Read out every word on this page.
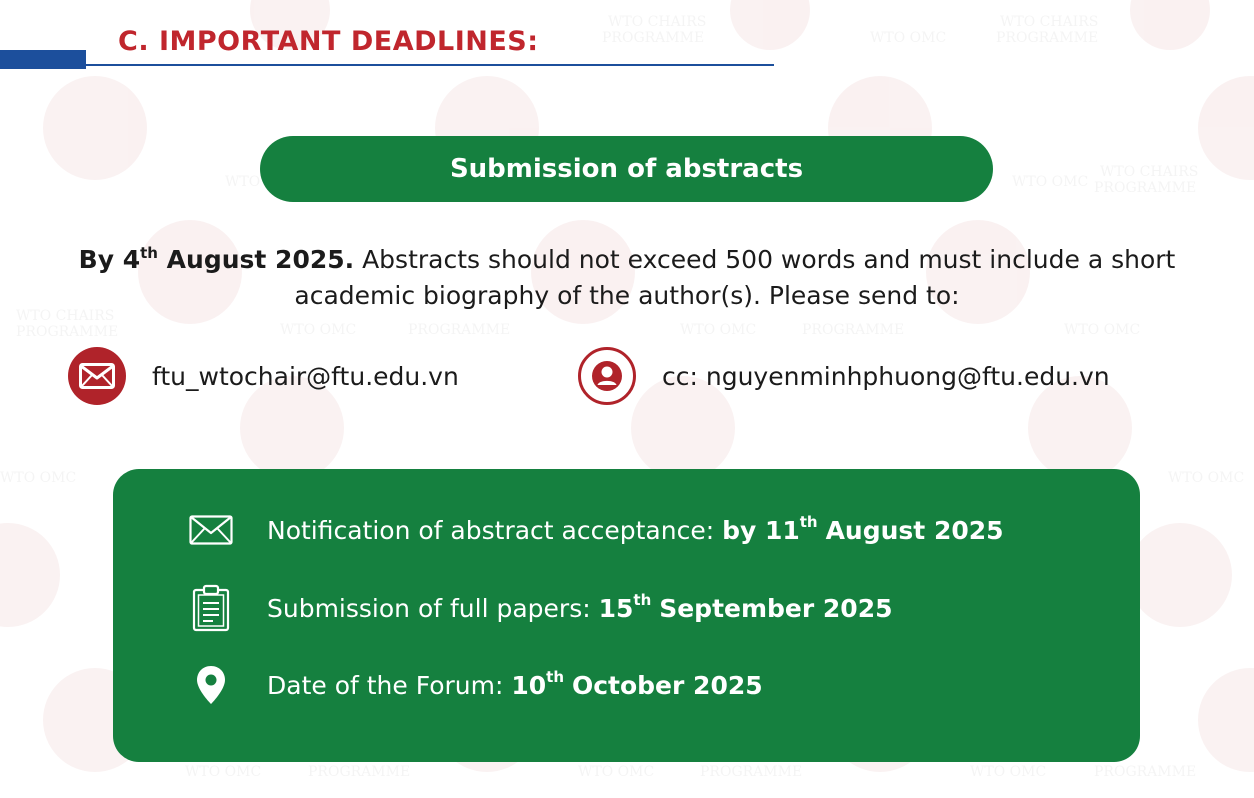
WTO CHAIRS
PROGRAMME
WTO CHAIRS
PROGRAMME
WTO OMC
WTO	WTO OMC
WTO CHAIRS
PROGRAMME
WTO CHAIRS
PROGRAMME	WTO OMC	PROGRAMME	WTO OMC	PROGRAMME	WTO OMC
WTO OMC	WTO OMC
WTO OMC	PROGRAMME	WTO OMC	PROGRAMME	WTO OMC	PROGRAMME
C. IMPORTANT DEADLINES:
Submission of abstracts
By 4th August 2025. Abstracts should not exceed 500 words and must include a short
academic biography of the author(s). Please send to:
ftu_wtochair@ftu.edu.vn	cc: nguyenminhphuong@ftu.edu.vn
Notification of abstract acceptance: by 11th August 2025
Submission of full papers: 15th September 2025
Date of the Forum: 10th October 2025
